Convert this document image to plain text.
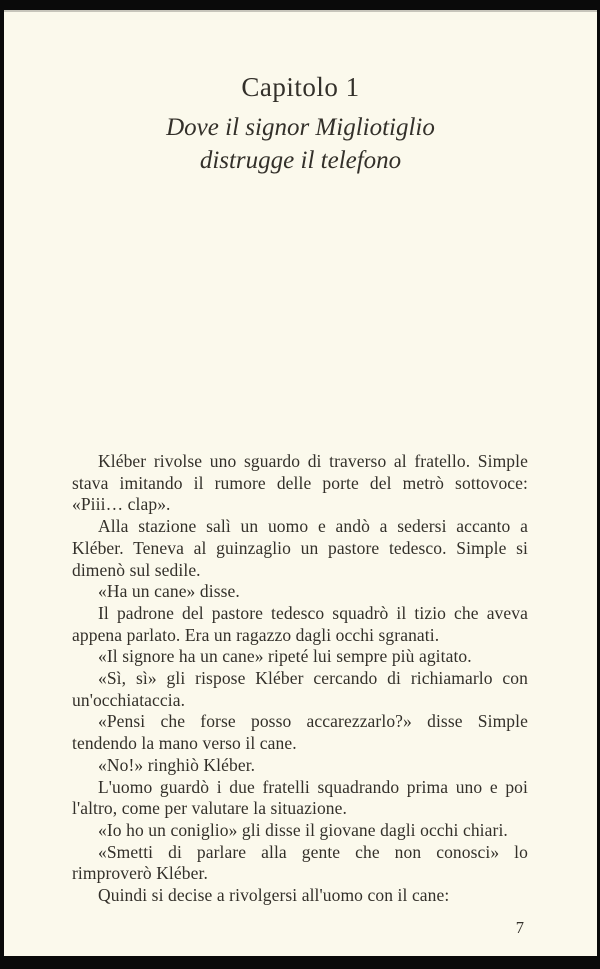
Capitolo 1
Dove il signor Migliotiglio
distrugge il telefono

Kléber rivolse uno sguardo di traverso al fratello. Simple stava imitando il rumore delle porte del metrò sottovoce: «Piii… clap».

Alla stazione salì un uomo e andò a sedersi accanto a Kléber. Teneva al guinzaglio un pastore tedesco. Simple si dimenò sul sedile.

«Ha un cane» disse.

Il padrone del pastore tedesco squadrò il tizio che aveva appena parlato. Era un ragazzo dagli occhi sgranati.

«Il signore ha un cane» ripeté lui sempre più agitato.

«Sì, sì» gli rispose Kléber cercando di richiamarlo con un'occhiataccia.

«Pensi che forse posso accarezzarlo?» disse Simple tendendo la mano verso il cane.

«No!» ringhiò Kléber.

L'uomo guardò i due fratelli squadrando prima uno e poi l'altro, come per valutare la situazione.

«Io ho un coniglio» gli disse il giovane dagli occhi chiari.

«Smetti di parlare alla gente che non conosci» lo rimproverò Kléber.

Quindi si decise a rivolgersi all'uomo con il cane:

7
